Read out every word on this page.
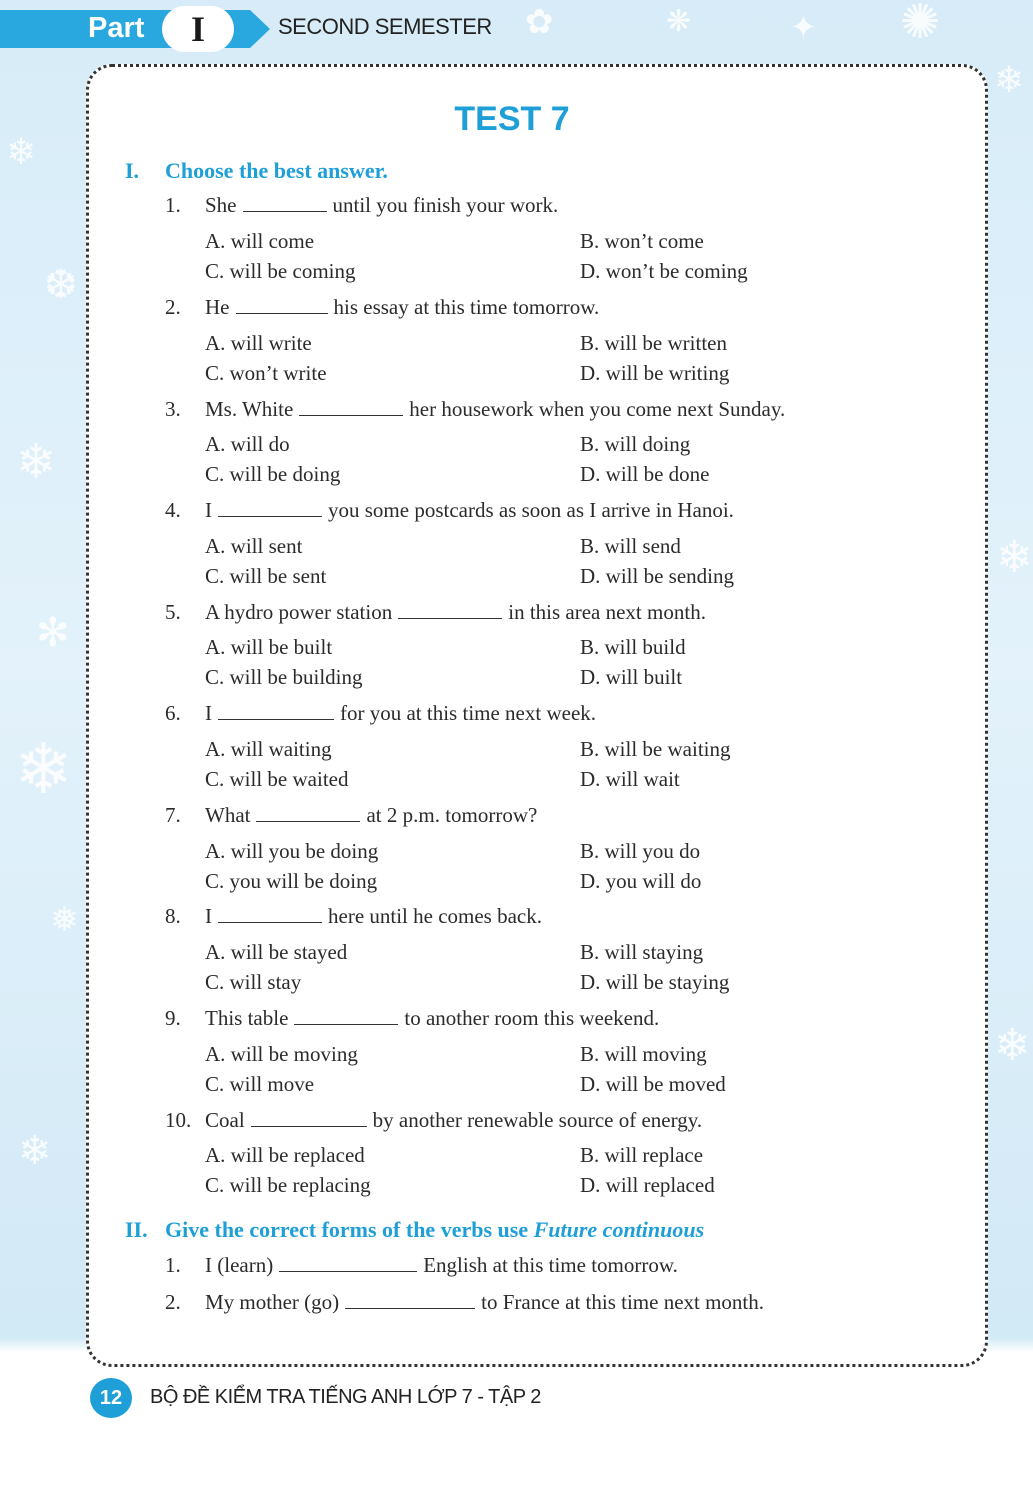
❄
❆
❄
✻
❄
❅
❄
✿	❋	✦ ✺
❄
❄
❄
Part	I	SECOND SEMESTER
TEST 7
I. Choose the best answer.
1. She	until you finish your work.
A. will come	B. won’t come
C. will be coming	D. won’t be coming
2. He	his essay at this time tomorrow.
A. will write	B. will be written
C. won’t write	D. will be writing
3. Ms. White	her housework when you come next Sunday.
A. will do	B. will doing
C. will be doing	D. will be done
4. I	you some postcards as soon as I arrive in Hanoi.
A. will sent	B. will send
C. will be sent	D. will be sending
5. A hydro power station	in this area next month.
A. will be built	B. will build
C. will be building	D. will built
6. I	for you at this time next week.
A. will waiting	B. will be waiting
C. will be waited	D. will wait
7. What	at 2 p.m. tomorrow?
A. will you be doing	B. will you do
C. you will be doing	D. you will do
8. I	here until he comes back.
A. will be stayed	B. will staying
C. will stay	D. will be staying
9. This table	to another room this weekend.
A. will be moving	B. will moving
C. will move	D. will be moved
10. Coal	by another renewable source of energy.
A. will be replaced	B. will replace
C. will be replacing	D. will replaced
II. Give the correct forms of the verbs use Future continuous
1. I (learn)	English at this time tomorrow.
2. My mother (go)	to France at this time next month.
12	BỘ ĐỀ KIỂM TRA TIẾNG ANH LỚP 7 - TẬP 2
